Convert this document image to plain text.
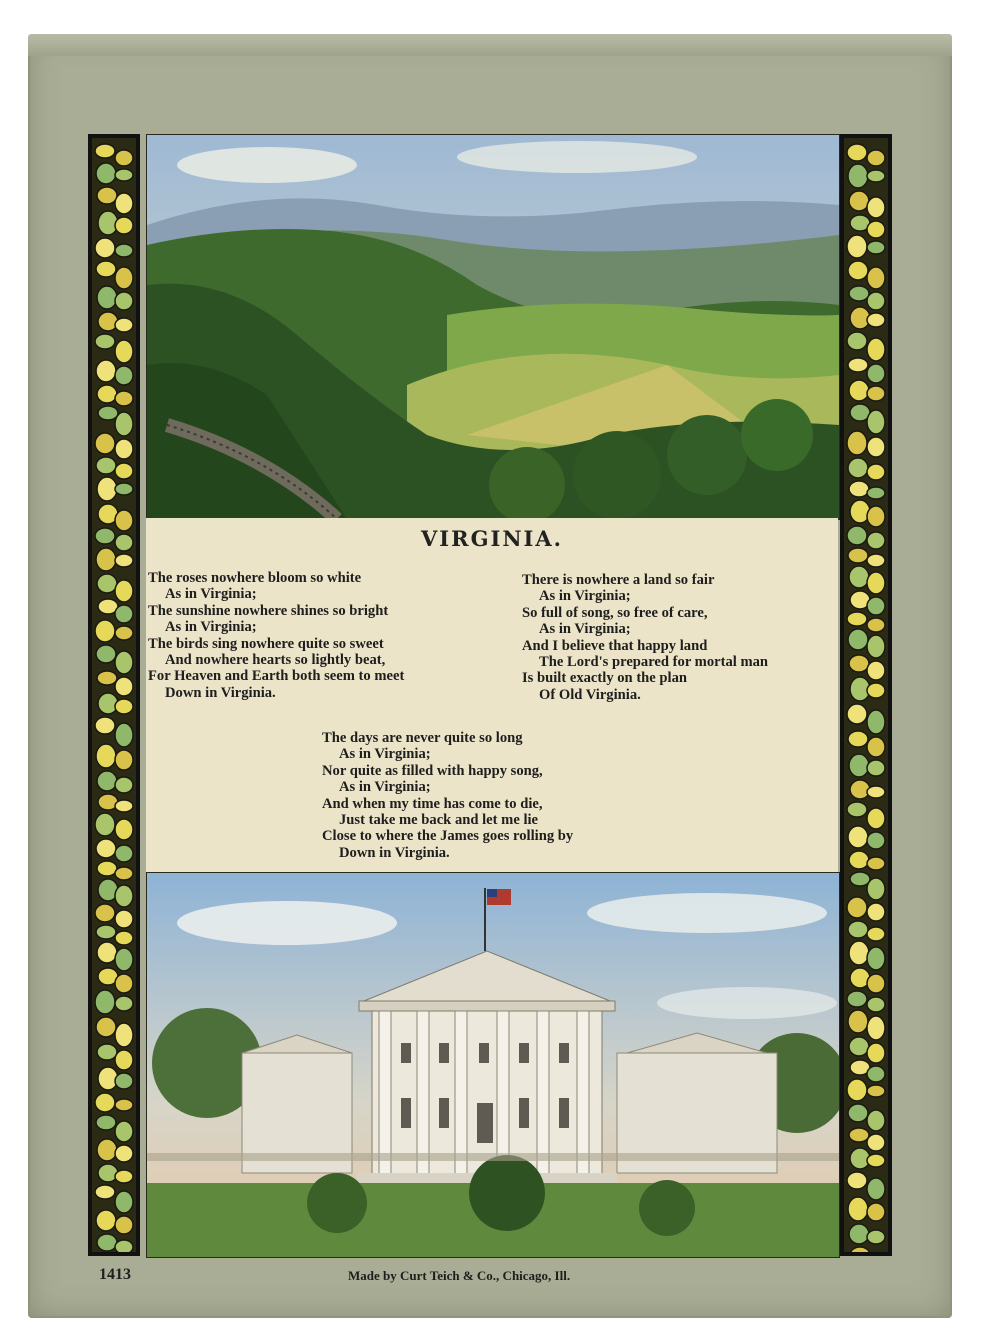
VIRGINIA.
The roses nowhere bloom so white
As in Virginia;
The sunshine nowhere shines so bright
As in Virginia;
The birds sing nowhere quite so sweet
And nowhere hearts so lightly beat,
For Heaven and Earth both seem to meet
Down in Virginia.
There is nowhere a land so fair
As in Virginia;
So full of song, so free of care,
As in Virginia;
And I believe that happy land
The Lord's prepared for mortal man
Is built exactly on the plan
Of Old Virginia.
The days are never quite so long
As in Virginia;
Nor quite as filled with happy song,
As in Virginia;
And when my time has come to die,
Just take me back and let me lie
Close to where the James goes rolling by
Down in Virginia.
1413	Made by Curt Teich & Co., Chicago, Ill.
